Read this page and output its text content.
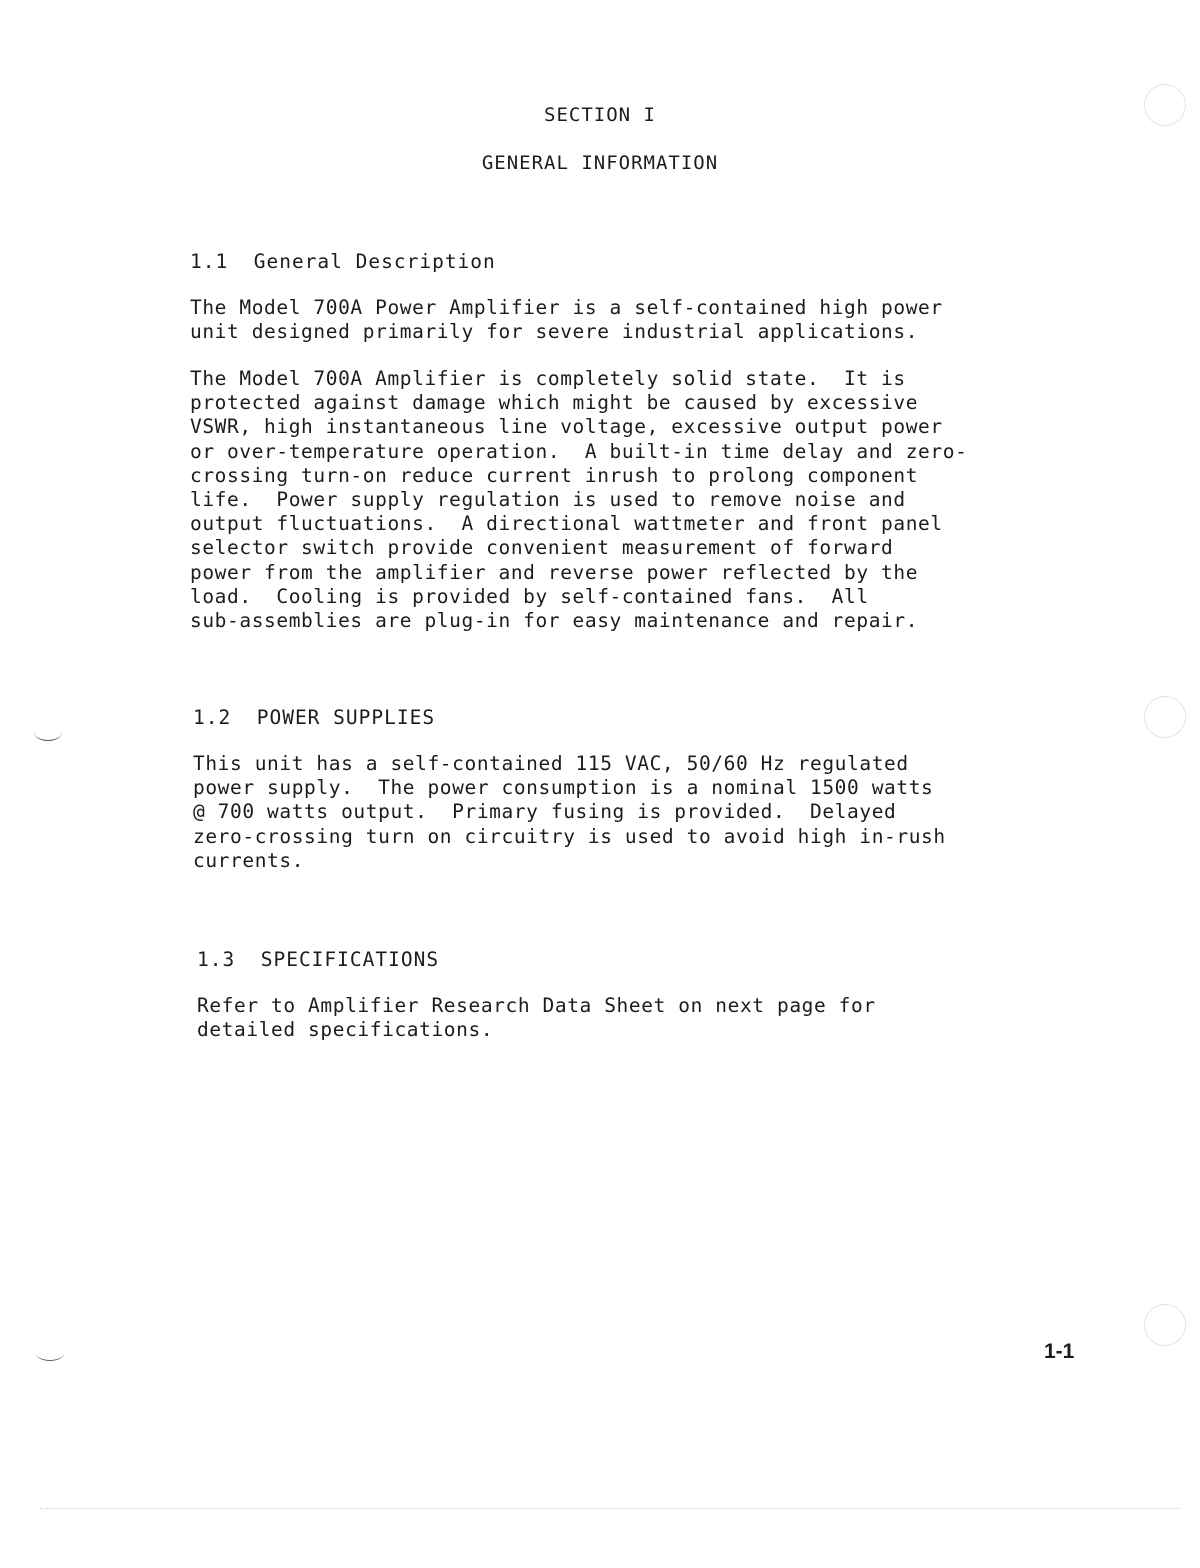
SECTION I
GENERAL INFORMATION
1.1 General Description

The Model 700A Power Amplifier is a self-contained high power
unit designed primarily for severe industrial applications.

The Model 700A Amplifier is completely solid state.  It is
protected against damage which might be caused by excessive
VSWR, high instantaneous line voltage, excessive output power
or over-temperature operation.  A built-in time delay and zero-
crossing turn-on reduce current inrush to prolong component
life.  Power supply regulation is used to remove noise and
output fluctuations.  A directional wattmeter and front panel
selector switch provide convenient measurement of forward
power from the amplifier and reverse power reflected by the
load.  Cooling is provided by self-contained fans.  All
sub-assemblies are plug-in for easy maintenance and repair.

1.2 POWER SUPPLIES

This unit has a self-contained 115 VAC, 50/60 Hz regulated
power supply.  The power consumption is a nominal 1500 watts
@ 700 watts output.  Primary fusing is provided.  Delayed
zero-crossing turn on circuitry is used to avoid high in-rush
currents.

1.3 SPECIFICATIONS

Refer to Amplifier Research Data Sheet on next page for
detailed specifications.

1-1
